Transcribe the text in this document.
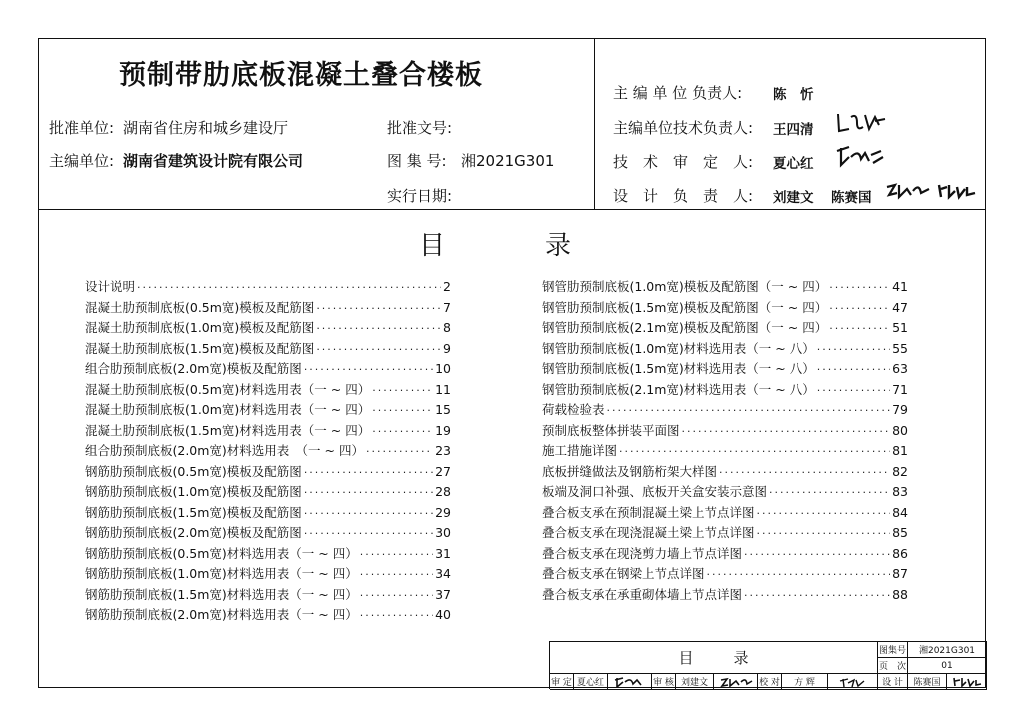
预制带肋底板混凝土叠合楼板
批准单位: 湖南省住房和城乡建设厅
主编单位: 湖南省建筑设计院有限公司
批准文号:
图 集 号: 湘2021G301
实行日期:
主 编 单 位 负责人: 陈　忻
主编单位技术负责人: 王四清
技　术　审　定　人: 夏心红
设　计　负　责　人: 刘建文 陈赛国
目	录
设计说明 ·····	2
混凝土肋预制底板(0.5m宽)模板及配筋图 ·····	7
混凝土肋预制底板(1.0m宽)模板及配筋图 ·····	8
混凝土肋预制底板(1.5m宽)模板及配筋图 ·····	9
组合肋预制底板(2.0m宽)模板及配筋图 ·····	10
混凝土肋预制底板(0.5m宽)材料选用表（一 ~ 四） ·····	11
混凝土肋预制底板(1.0m宽)材料选用表（一 ~ 四） ·····	15
混凝土肋预制底板(1.5m宽)材料选用表（一 ~ 四） ·····	19
组合肋预制底板(2.0m宽)材料选用表　（一 ~ 四） ·····	23
钢筋肋预制底板(0.5m宽)模板及配筋图 ·····	27
钢筋肋预制底板(1.0m宽)模板及配筋图 ·····	28
钢筋肋预制底板(1.5m宽)模板及配筋图 ·····	29
钢筋肋预制底板(2.0m宽)模板及配筋图 ·····	30
钢筋肋预制底板(0.5m宽)材料选用表（一 ~ 四） ·····	31
钢筋肋预制底板(1.0m宽)材料选用表（一 ~ 四） ·····	34
钢筋肋预制底板(1.5m宽)材料选用表（一 ~ 四） ·····	37
钢筋肋预制底板(2.0m宽)材料选用表（一 ~ 四） ·····	40
钢管肋预制底板(1.0m宽)模板及配筋图（一 ~ 四） ·····	41
钢管肋预制底板(1.5m宽)模板及配筋图（一 ~ 四） ·····	47
钢管肋预制底板(2.1m宽)模板及配筋图（一 ~ 四） ·····	51
钢管肋预制底板(1.0m宽)材料选用表（一 ~ 八） ·····	55
钢管肋预制底板(1.5m宽)材料选用表（一 ~ 八） ·····	63
钢管肋预制底板(2.1m宽)材料选用表（一 ~ 八） ·····	71
荷载检验表 ·····	79
预制底板整体拼装平面图 ·····	80
施工措施详图 ·····	81
底板拼缝做法及钢筋桁架大样图 ·····	82
板端及洞口补强、底板开关盒安装示意图 ·····	83
叠合板支承在预制混凝土梁上节点详图 ·····	84
叠合板支承在现浇混凝土梁上节点详图 ·····	85
叠合板支承在现浇剪力墙上节点详图 ·····	86
叠合板支承在钢梁上节点详图 ·····	87
叠合板支承在承重砌体墙上节点详图 ·····	88
目	录	图集号	湘2021G301
页　次	01
审 定 夏心红	审 核 刘建文	校 对	方 辉	设 计	陈赛国
